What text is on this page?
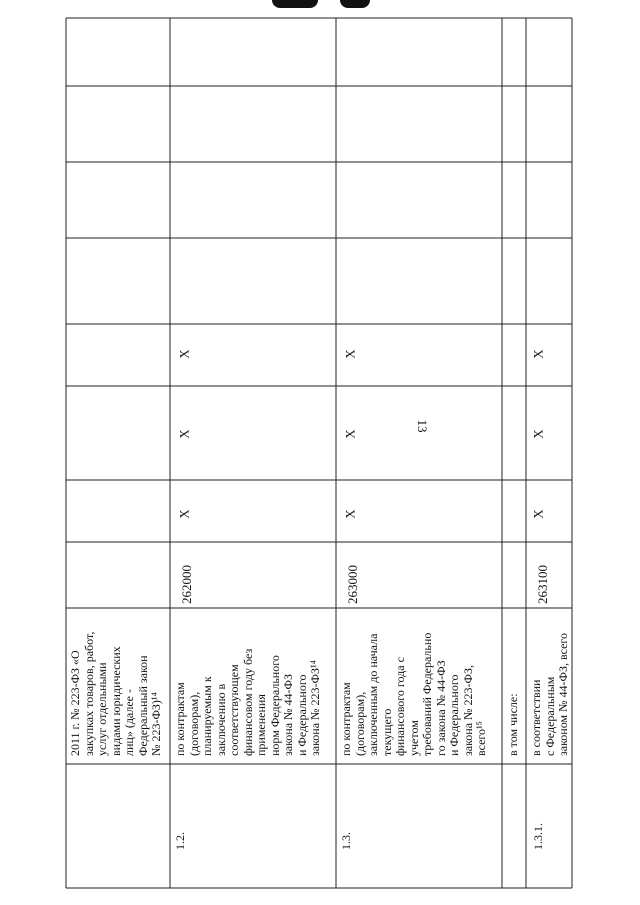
13
2011 г. № 223-ФЗ «О закупках товаров, работ, услуг отдельными видами юридических лиц» (далее - Федеральный закон № 223-ФЗ)¹⁴
1.2.
по контрактам (договорам), планируемым к заключению в соответствующем финансовом году без применения норм Федерального закона № 44-ФЗ и Федерального закона № 223-ФЗ¹⁴
262000
X
X
X
1.3.
по контрактам (договорам), заключенным до начала текущего финансового года с учетом требований Федерально го закона № 44-ФЗ и Федерального закона № 223-ФЗ, всего¹⁵
263000
X
X
X
в том числе:
1.3.1.
в соответствии с Федеральным законом № 44-ФЗ, всего
263100
X
X
X
